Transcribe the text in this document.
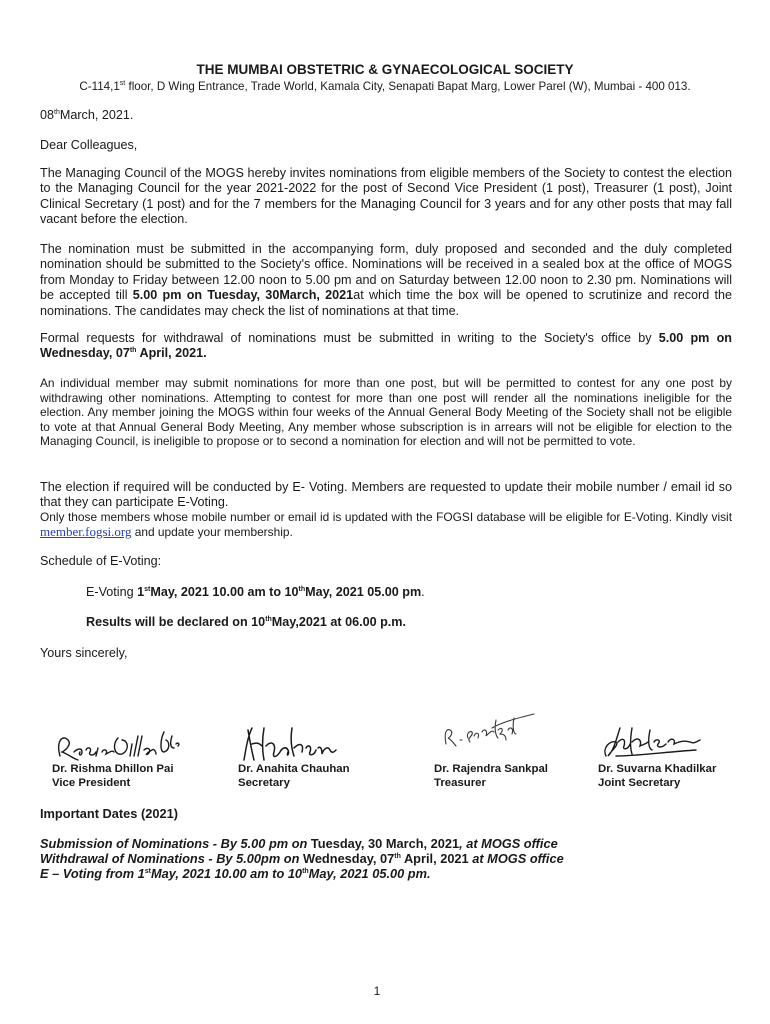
THE MUMBAI OBSTETRIC & GYNAECOLOGICAL SOCIETY
C-114,1st floor, D Wing Entrance, Trade World, Kamala City, Senapati Bapat Marg, Lower Parel (W), Mumbai - 400 013.
08thMarch, 2021.
Dear Colleagues,

The Managing Council of the MOGS hereby invites nominations from eligible members of the Society to contest the election to the Managing Council for the year 2021-2022 for the post of Second Vice President (1 post), Treasurer (1 post), Joint Clinical Secretary (1 post) and for the 7 members for the Managing Council for 3 years and for any other posts that may fall vacant before the election.

The nomination must be submitted in the accompanying form, duly proposed and seconded and the duly completed nomination should be submitted to the Society's office. Nominations will be received in a sealed box at the office of MOGS from Monday to Friday between 12.00 noon to 5.00 pm and on Saturday between 12.00 noon to 2.30 pm. Nominations will be accepted till 5.00 pm on Tuesday, 30March, 2021at which time the box will be opened to scrutinize and record the nominations. The candidates may check the list of nominations at that time.

Formal requests for withdrawal of nominations must be submitted in writing to the Society's office by 5.00 pm on Wednesday, 07th April, 2021.

An individual member may submit nominations for more than one post, but will be permitted to contest for any one post by withdrawing other nominations. Attempting to contest for more than one post will render all the nominations ineligible for the election. Any member joining the MOGS within four weeks of the Annual General Body Meeting of the Society shall not be eligible to vote at that Annual General Body Meeting, Any member whose subscription is in arrears will not be eligible for election to the Managing Council, is ineligible to propose or to second a nomination for election and will not be permitted to vote.

The election if required will be conducted by E- Voting. Members are requested to update their mobile number / email id so that they can participate E-Voting.

Only those members whose mobile number or email id is updated with the FOGSI database will be eligible for E-Voting. Kindly visit member.fogsi.org and update your membership.

Schedule of E-Voting:
E-Voting 1stMay, 2021 10.00 am to 10thMay, 2021 05.00 pm.
Results will be declared on 10thMay,2021 at 06.00 p.m.
Yours sincerely,
Dr. Rishma Dhillon Pai
Vice President
Dr. Anahita Chauhan
Secretary
Dr. Rajendra Sankpal
Treasurer
Dr. Suvarna Khadilkar
Joint Secretary
Important Dates (2021)
Submission of Nominations - By 5.00 pm on Tuesday, 30 March, 2021, at MOGS office
Withdrawal of Nominations - By 5.00pm on Wednesday, 07th April, 2021 at MOGS office
E – Voting from 1stMay, 2021 10.00 am to 10thMay, 2021 05.00 pm.
1
